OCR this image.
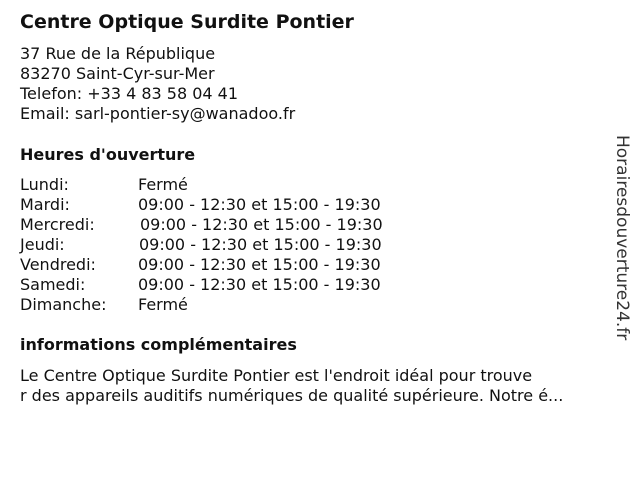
Centre Optique Surdite Pontier
37 Rue de la République
83270 Saint-Cyr-sur-Mer
Telefon: +33 4 83 58 04 41
Email: sarl-pontier-sy@wanadoo.fr
Heures d'ouverture
Lundi:	Fermé
Mardi:	09:00 - 12:30 et 15:00 - 19:30
Mercredi:	09:00 - 12:30 et 15:00 - 19:30
Jeudi:	09:00 - 12:30 et 15:00 - 19:30
Vendredi:	09:00 - 12:30 et 15:00 - 19:30
Samedi:	09:00 - 12:30 et 15:00 - 19:30
Dimanche: Fermé
informations complémentaires
Le Centre Optique Surdite Pontier est l'endroit idéal pour trouve
r des appareils auditifs numériques de qualité supérieure. Notre é...
Horairesdouverture24.fr
